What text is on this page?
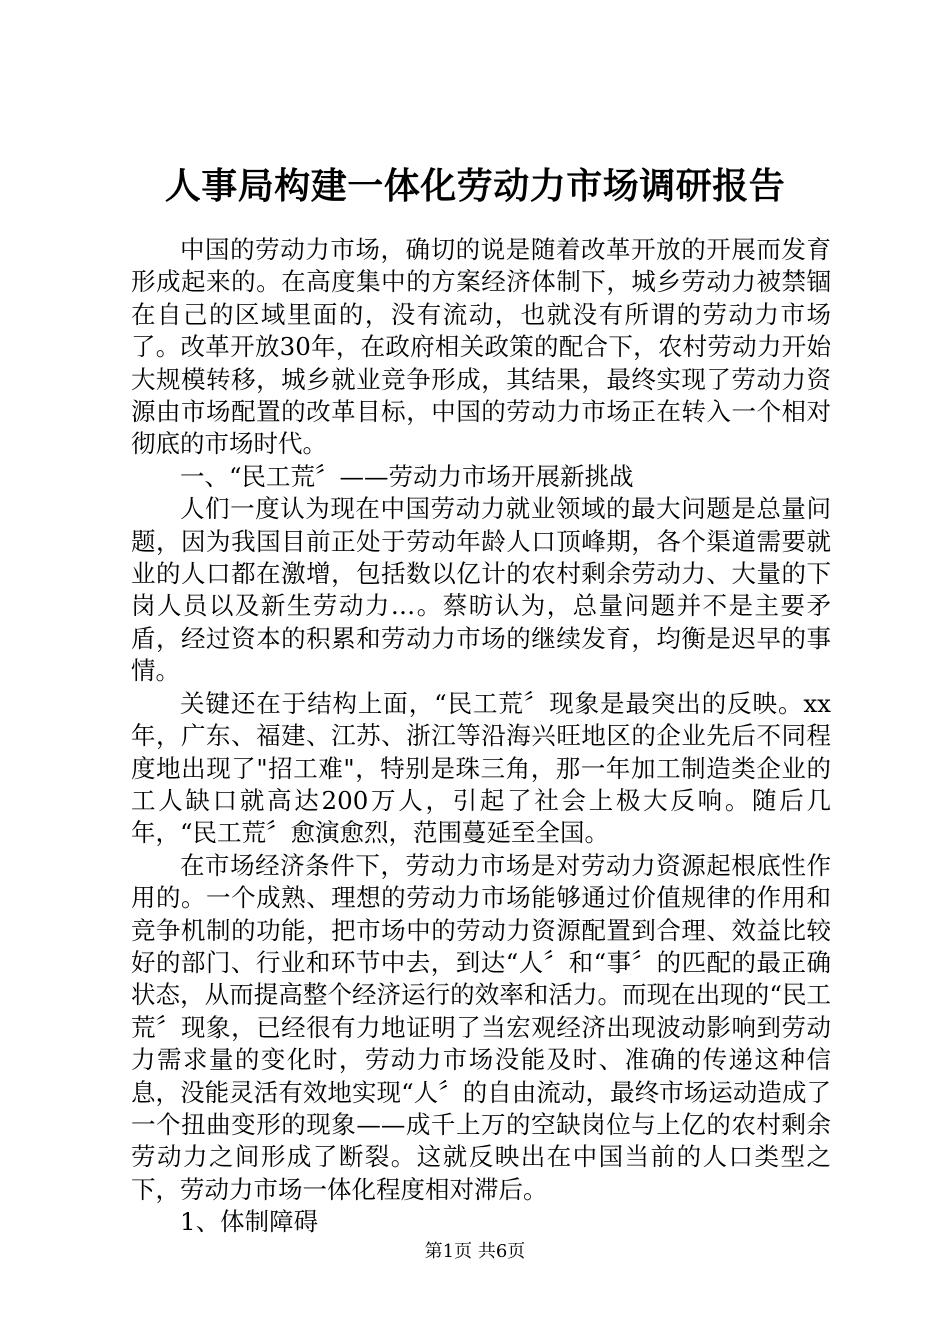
人事局构建一体化劳动力市场调研报告

中国的劳动力市场，确切的说是随着改革开放的开展而发育形成起来的。在高度集中的方案经济体制下，城乡劳动力被禁锢在自己的区域里面的，没有流动，也就没有所谓的劳动力市场了。改革开放30年，在政府相关政策的配合下，农村劳动力开始大规模转移，城乡就业竞争形成，其结果，最终实现了劳动力资源由市场配置的改革目标，中国的劳动力市场正在转入一个相对彻底的市场时代。

一、“民工荒〞——劳动力市场开展新挑战

人们一度认为现在中国劳动力就业领域的最大问题是总量问题，因为我国目前正处于劳动年龄人口顶峰期，各个渠道需要就业的人口都在激增，包括数以亿计的农村剩余劳动力、大量的下岗人员以及新生劳动力…。蔡昉认为，总量问题并不是主要矛盾，经过资本的积累和劳动力市场的继续发育，均衡是迟早的事情。

关键还在于结构上面，“民工荒〞现象是最突出的反映。xx年，广东、福建、江苏、浙江等沿海兴旺地区的企业先后不同程度地出现了"招工难"，特别是珠三角，那一年加工制造类企业的工人缺口就高达200万人，引起了社会上极大反响。随后几年，“民工荒〞愈演愈烈，范围蔓延至全国。

在市场经济条件下，劳动力市场是对劳动力资源起根底性作用的。一个成熟、理想的劳动力市场能够通过价值规律的作用和竞争机制的功能，把市场中的劳动力资源配置到合理、效益比较好的部门、行业和环节中去，到达“人〞和“事〞的匹配的最正确状态，从而提高整个经济运行的效率和活力。而现在出现的“民工荒〞现象，已经很有力地证明了当宏观经济出现波动影响到劳动力需求量的变化时，劳动力市场没能及时、准确的传递这种信息，没能灵活有效地实现“人〞的自由流动，最终市场运动造成了一个扭曲变形的现象——成千上万的空缺岗位与上亿的农村剩余劳动力之间形成了断裂。这就反映出在中国当前的人口类型之下，劳动力市场一体化程度相对滞后。

1、体制障碍

第1页 共6页
